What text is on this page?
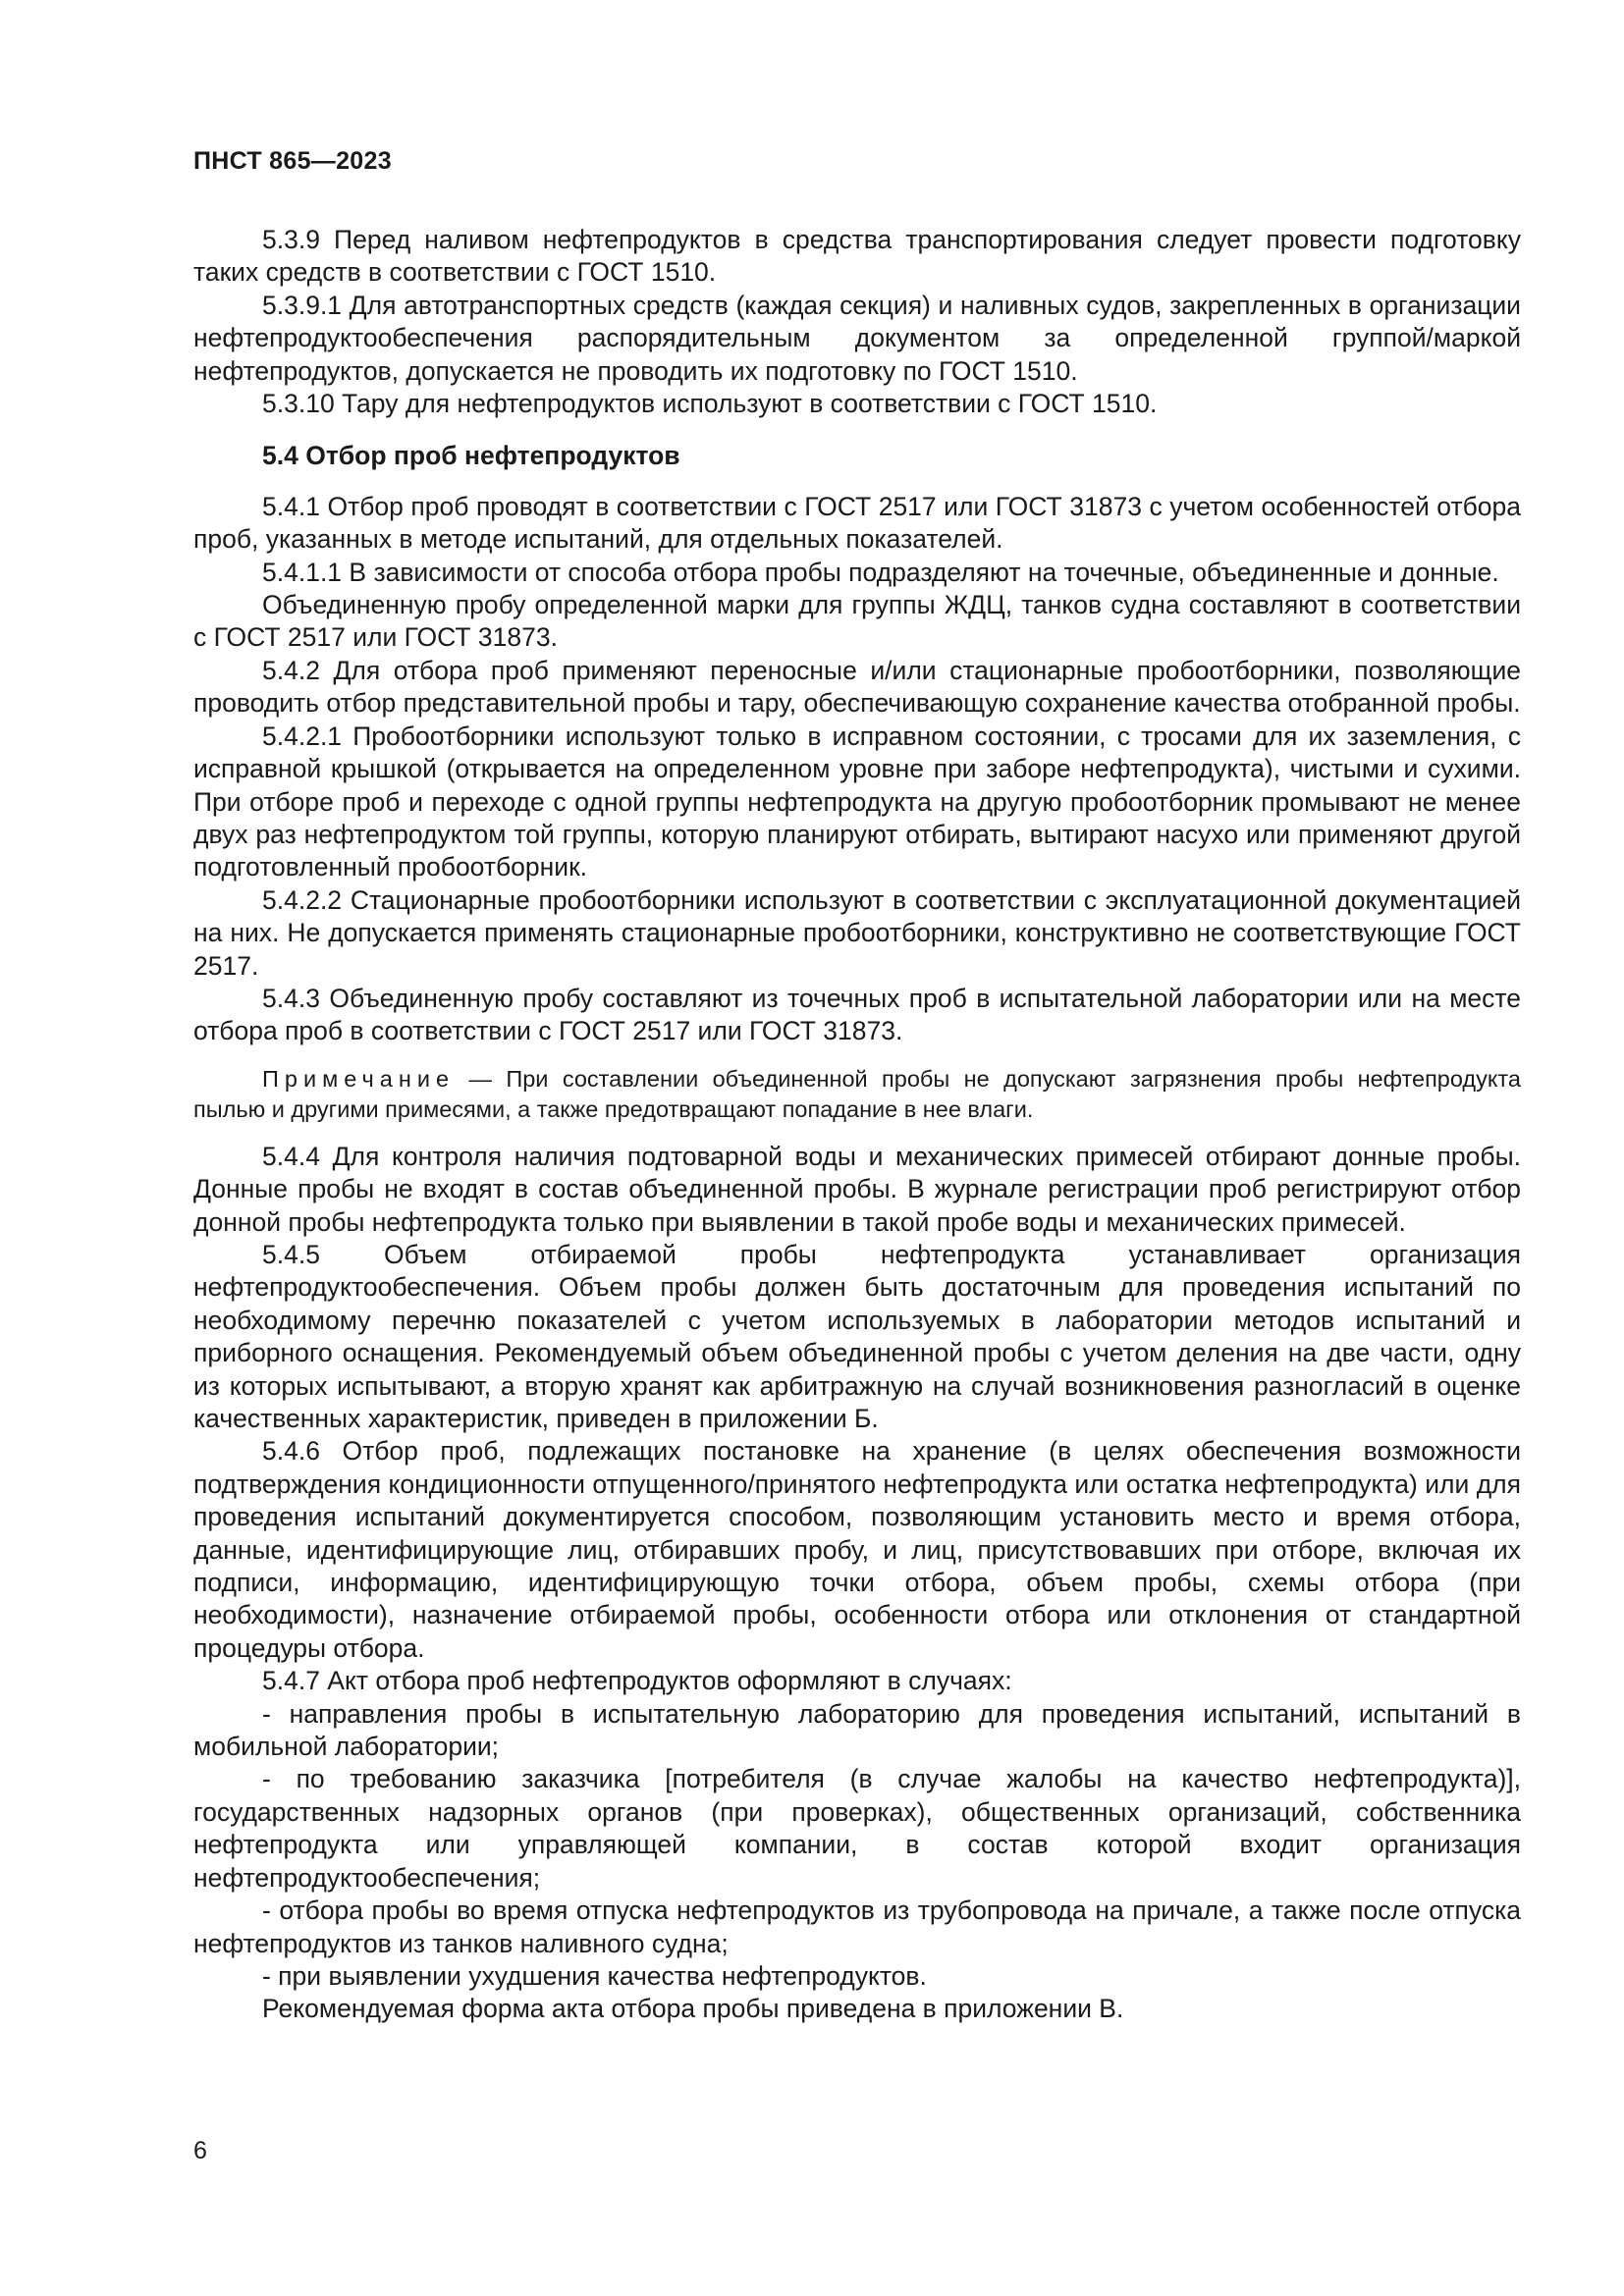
ПНСТ 865—2023

5.3.9 Перед наливом нефтепродуктов в средства транспортирования следует провести подготовку таких средств в соответствии с ГОСТ 1510.

5.3.9.1 Для автотранспортных средств (каждая секция) и наливных судов, закрепленных в организации нефтепродуктообеспечения распорядительным документом за определенной группой/маркой нефтепродуктов, допускается не проводить их подготовку по ГОСТ 1510.

5.3.10 Тару для нефтепродуктов используют в соответствии с ГОСТ 1510.

5.4 Отбор проб нефтепродуктов

5.4.1 Отбор проб проводят в соответствии с ГОСТ 2517 или ГОСТ 31873 с учетом особенностей отбора проб, указанных в методе испытаний, для отдельных показателей.

5.4.1.1 В зависимости от способа отбора пробы подразделяют на точечные, объединенные и донные.

Объединенную пробу определенной марки для группы ЖДЦ, танков судна составляют в соответствии с ГОСТ 2517 или ГОСТ 31873.

5.4.2 Для отбора проб применяют переносные и/или стационарные пробоотборники, позволяющие проводить отбор представительной пробы и тару, обеспечивающую сохранение качества отобранной пробы.

5.4.2.1 Пробоотборники используют только в исправном состоянии, с тросами для их заземления, с исправной крышкой (открывается на определенном уровне при заборе нефтепродукта), чистыми и сухими. При отборе проб и переходе с одной группы нефтепродукта на другую пробоотборник промывают не менее двух раз нефтепродуктом той группы, которую планируют отбирать, вытирают насухо или применяют другой подготовленный пробоотборник.

5.4.2.2 Стационарные пробоотборники используют в соответствии с эксплуатационной документацией на них. Не допускается применять стационарные пробоотборники, конструктивно не соответствующие ГОСТ 2517.

5.4.3 Объединенную пробу составляют из точечных проб в испытательной лаборатории или на месте отбора проб в соответствии с ГОСТ 2517 или ГОСТ 31873.

Примечание — При составлении объединенной пробы не допускают загрязнения пробы нефтепродукта пылью и другими примесями, а также предотвращают попадание в нее влаги.

5.4.4 Для контроля наличия подтоварной воды и механических примесей отбирают донные пробы. Донные пробы не входят в состав объединенной пробы. В журнале регистрации проб регистрируют отбор донной пробы нефтепродукта только при выявлении в такой пробе воды и механических примесей.

5.4.5 Объем отбираемой пробы нефтепродукта устанавливает организация нефтепродуктообеспечения. Объем пробы должен быть достаточным для проведения испытаний по необходимому перечню показателей с учетом используемых в лаборатории методов испытаний и приборного оснащения. Рекомендуемый объем объединенной пробы с учетом деления на две части, одну из которых испытывают, а вторую хранят как арбитражную на случай возникновения разногласий в оценке качественных характеристик, приведен в приложении Б.

5.4.6 Отбор проб, подлежащих постановке на хранение (в целях обеспечения возможности подтверждения кондиционности отпущенного/принятого нефтепродукта или остатка нефтепродукта) или для проведения испытаний документируется способом, позволяющим установить место и время отбора, данные, идентифицирующие лиц, отбиравших пробу, и лиц, присутствовавших при отборе, включая их подписи, информацию, идентифицирующую точки отбора, объем пробы, схемы отбора (при необходимости), назначение отбираемой пробы, особенности отбора или отклонения от стандартной процедуры отбора.

5.4.7 Акт отбора проб нефтепродуктов оформляют в случаях:

- направления пробы в испытательную лабораторию для проведения испытаний, испытаний в мобильной лаборатории;

- по требованию заказчика [потребителя (в случае жалобы на качество нефтепродукта)], государственных надзорных органов (при проверках), общественных организаций, собственника нефтепродукта или управляющей компании, в состав которой входит организация нефтепродуктообеспечения;

- отбора пробы во время отпуска нефтепродуктов из трубопровода на причале, а также после отпуска нефтепродуктов из танков наливного судна;

- при выявлении ухудшения качества нефтепродуктов.

Рекомендуемая форма акта отбора пробы приведена в приложении В.

6
